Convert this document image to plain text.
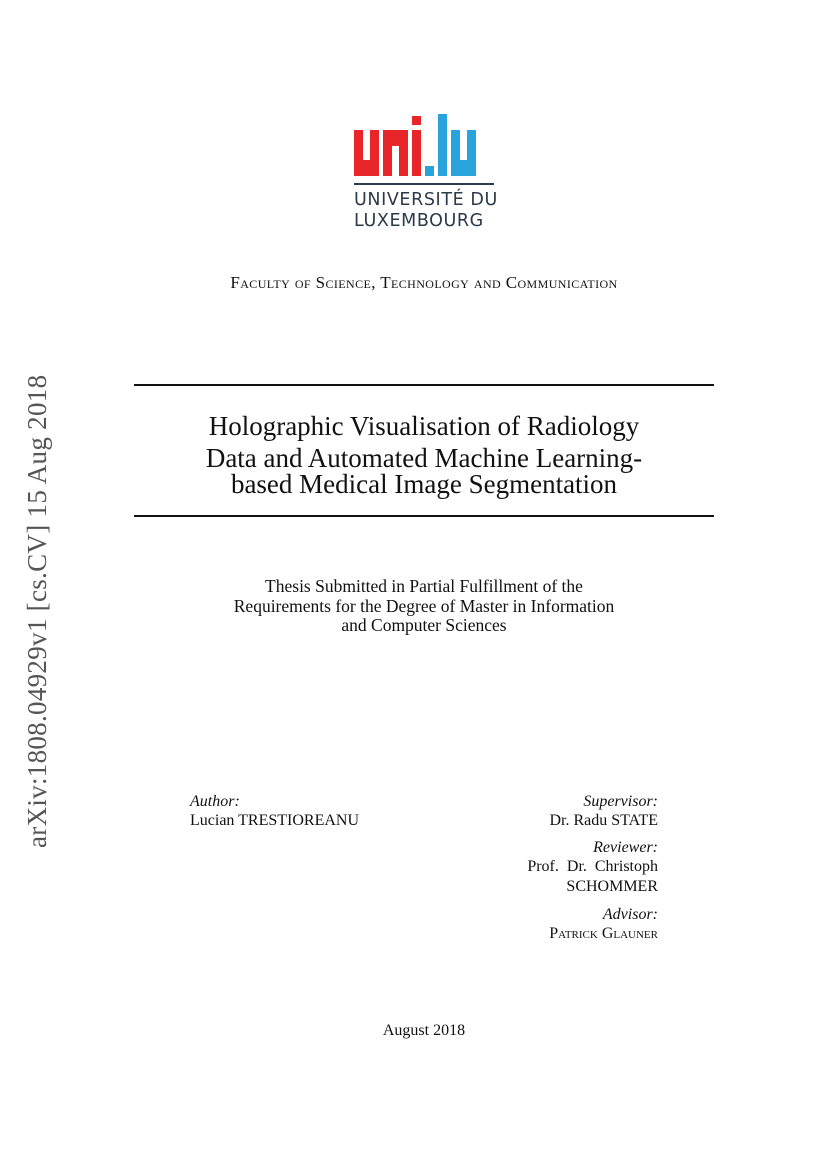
UNIVERSITÉ DU
LUXEMBOURG
Faculty of Science, Technology and Communication
arXiv:1808.04929v1 [cs.CV] 15 Aug 2018	Holographic Visualisation of Radiology
Data and Automated Machine Learning-
based Medical Image Segmentation
Thesis Submitted in Partial Fulfillment of the
Requirements for the Degree of Master in Information
and Computer Sciences
Author:
Lucian TRESTIOREANU
Supervisor:
Dr. Radu STATE
Reviewer:
Prof.  Dr.  Christoph
SCHOMMER
Advisor:
Patrick Glauner
August 2018
